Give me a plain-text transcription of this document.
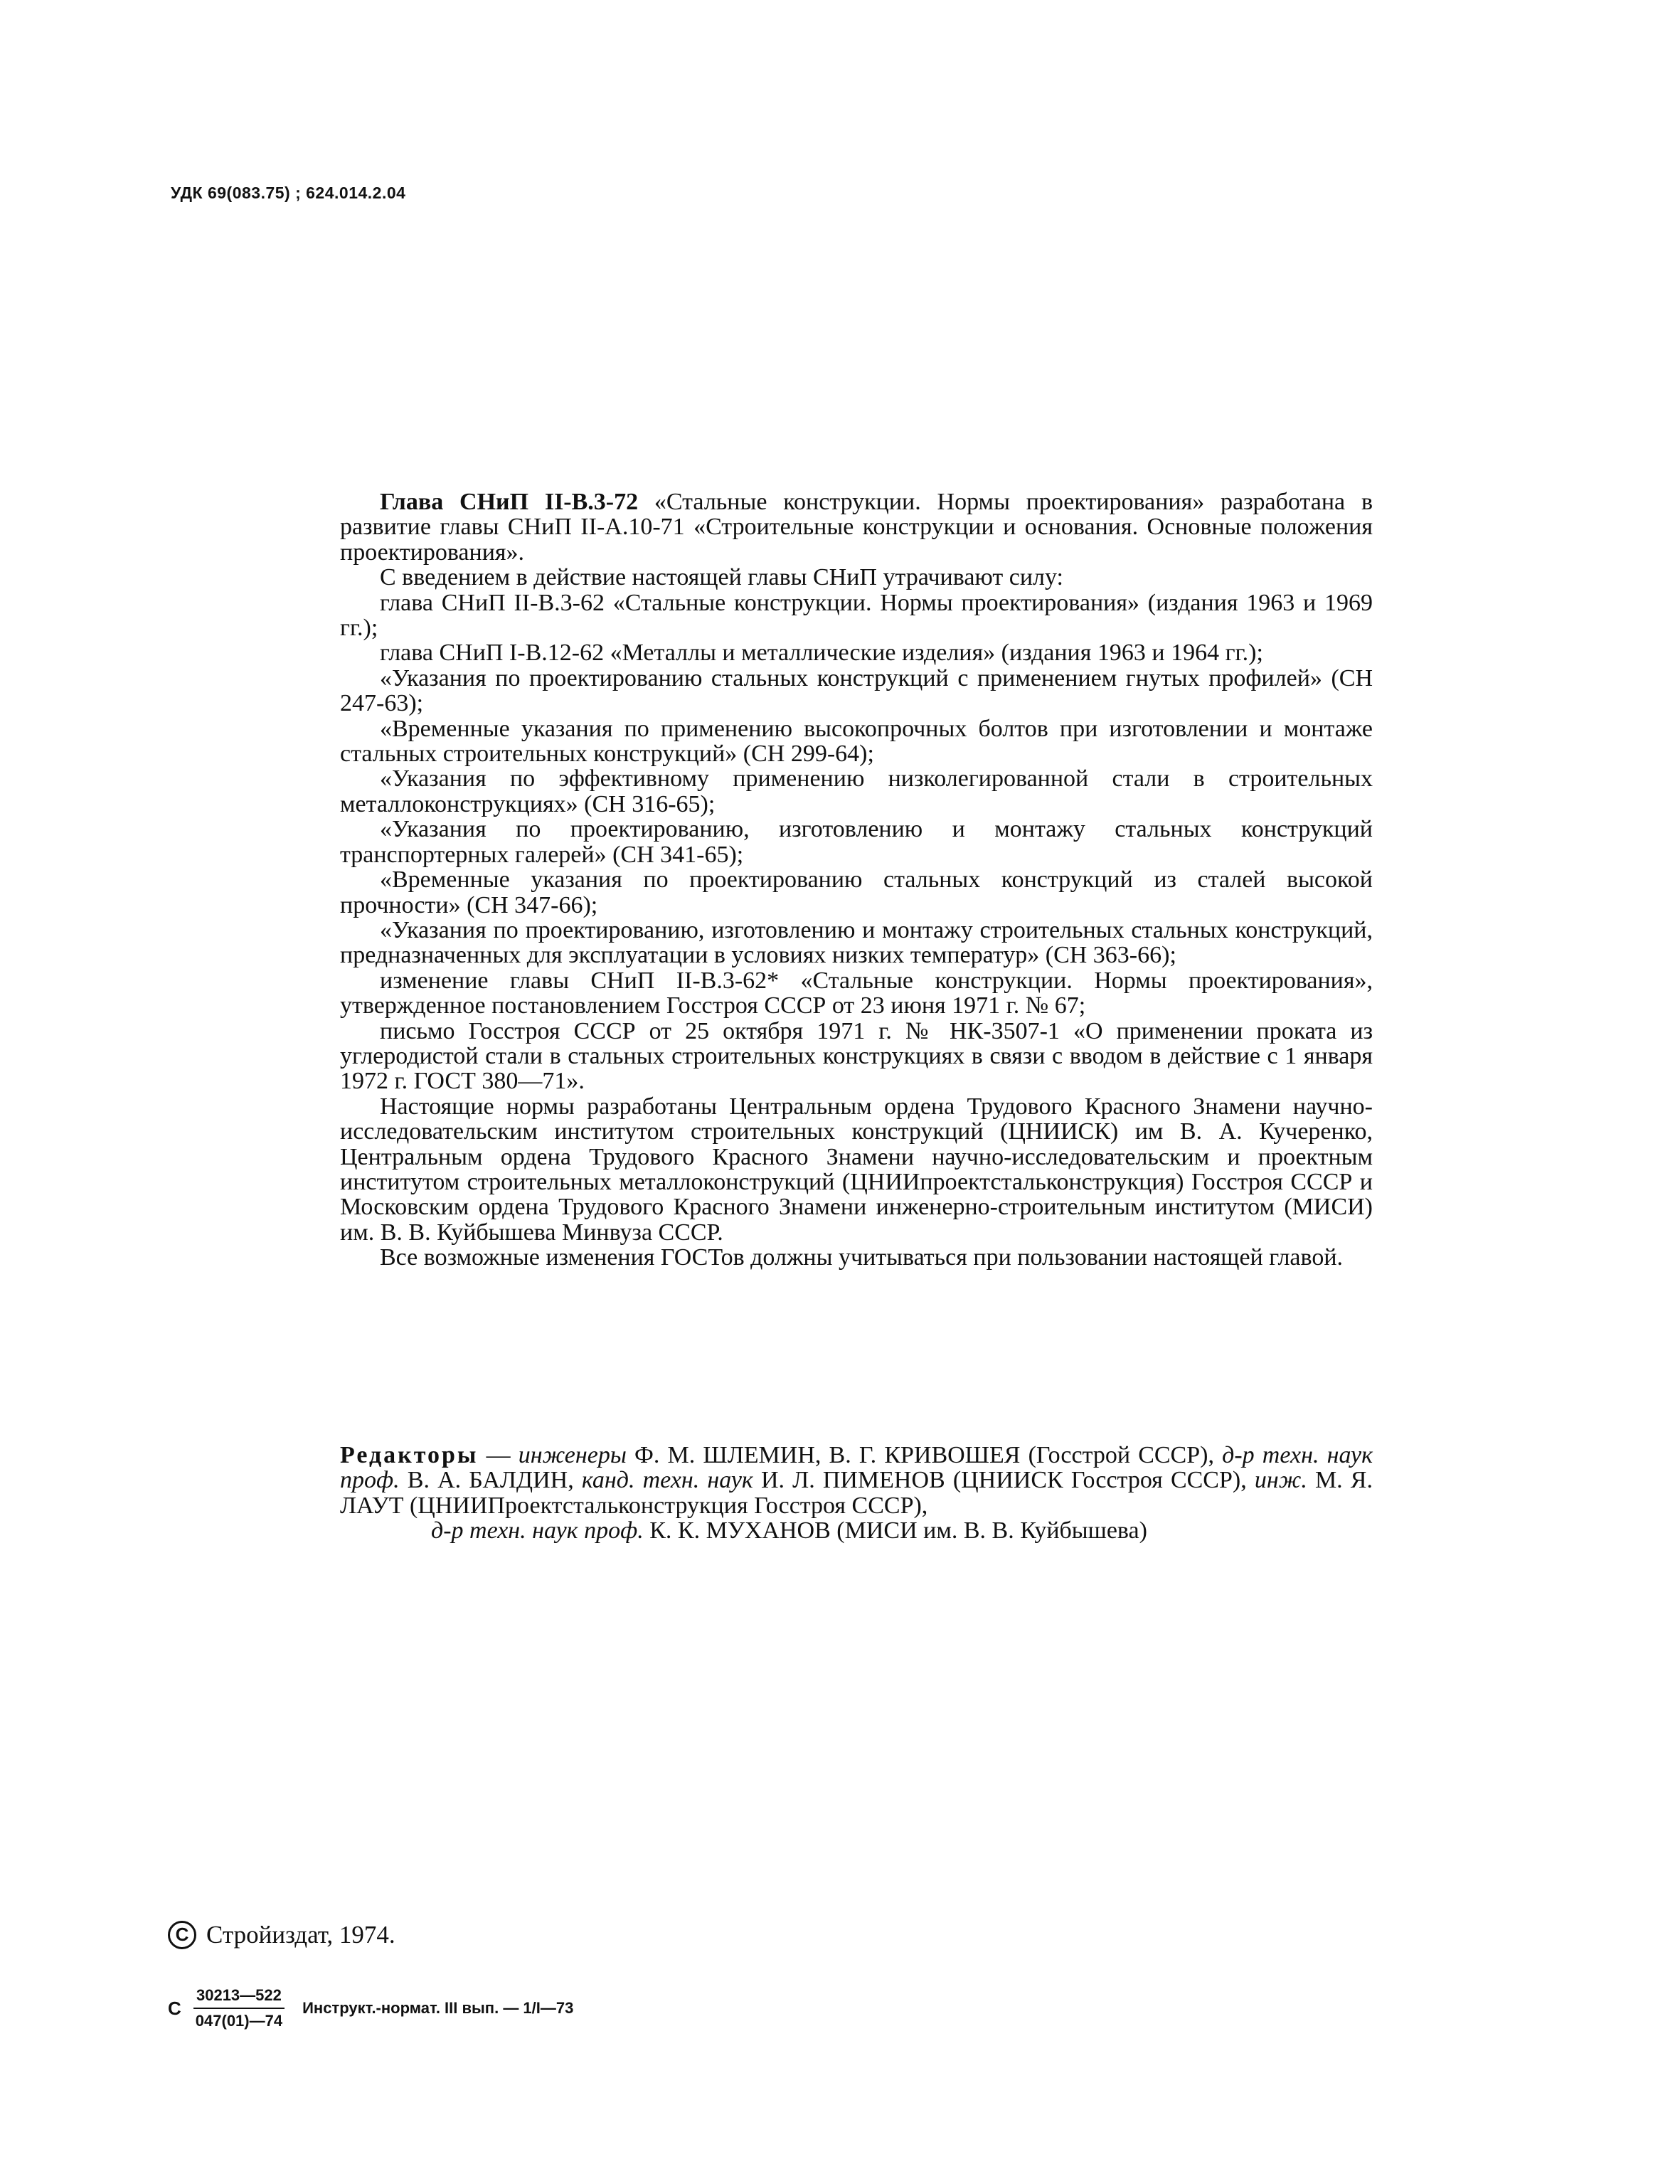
УДК 69(083.75) ; 624.014.2.04

Глава СНиП II-В.3-72 «Стальные конструкции. Нормы проектирования» разработана в развитие главы СНиП II-А.10-71 «Строительные конструкции и основания. Основные положения проектирования».

С введением в действие настоящей главы СНиП утрачивают силу:

глава СНиП II-В.3-62 «Стальные конструкции. Нормы проектирования» (издания 1963 и 1969 гг.);

глава СНиП I-В.12-62 «Металлы и металлические изделия» (издания 1963 и 1964 гг.);

«Указания по проектированию стальных конструкций с применением гнутых профилей» (СН 247-63);

«Временные указания по применению высокопрочных болтов при изготовлении и монтаже стальных строительных конструкций» (СН 299-64);

«Указания по эффективному применению низколегированной стали в строительных металлоконструкциях» (СН 316-65);

«Указания по проектированию, изготовлению и монтажу стальных конструкций транспортерных галерей» (СН 341-65);

«Временные указания по проектированию стальных конструкций из сталей высокой прочности» (СН 347-66);

«Указания по проектированию, изготовлению и монтажу строительных стальных конструкций, предназначенных для эксплуатации в условиях низких температур» (СН 363-66);

изменение главы СНиП II-В.3-62* «Стальные конструкции. Нормы проектирования», утвержденное постановлением Госстроя СССР от 23 июня 1971 г. № 67;

письмо Госстроя СССР от 25 октября 1971 г. № НК-3507-1 «О применении проката из углеродистой стали в стальных строительных конструкциях в связи с вводом в действие с 1 января 1972 г. ГОСТ 380—71».

Настоящие нормы разработаны Центральным ордена Трудового Красного Знамени научно-исследовательским институтом строительных конструкций (ЦНИИСК) им В. А. Кучеренко, Центральным ордена Трудового Красного Знамени научно-исследовательским и проектным институтом строительных металлоконструкций (ЦНИИпроектстальконструкция) Госстроя СССР и Московским ордена Трудового Красного Знамени инженерно-строительным институтом (МИСИ) им. В. В. Куйбышева Минвуза СССР.

Все возможные изменения ГОСТов должны учитываться при пользовании настоящей главой.

Редакторы — инженеры Ф. М. ШЛЕМИН, В. Г. КРИВОШЕЯ (Госстрой СССР), д-р техн. наук проф. В. А. БАЛДИН, канд. техн. наук И. Л. ПИМЕНОВ (ЦНИИСК Госстроя СССР), инж. М. Я. ЛАУТ (ЦНИИПроектстальконструкция Госстроя СССР),
д-р техн. наук проф. К. К. МУХАНОВ (МИСИ им. В. В. Куйбышева)
C Стройиздат, 1974.
С $\frac{30213—522}{047(01)—74}$ Инструкт.-нормат. III вып. — 1/I—73
